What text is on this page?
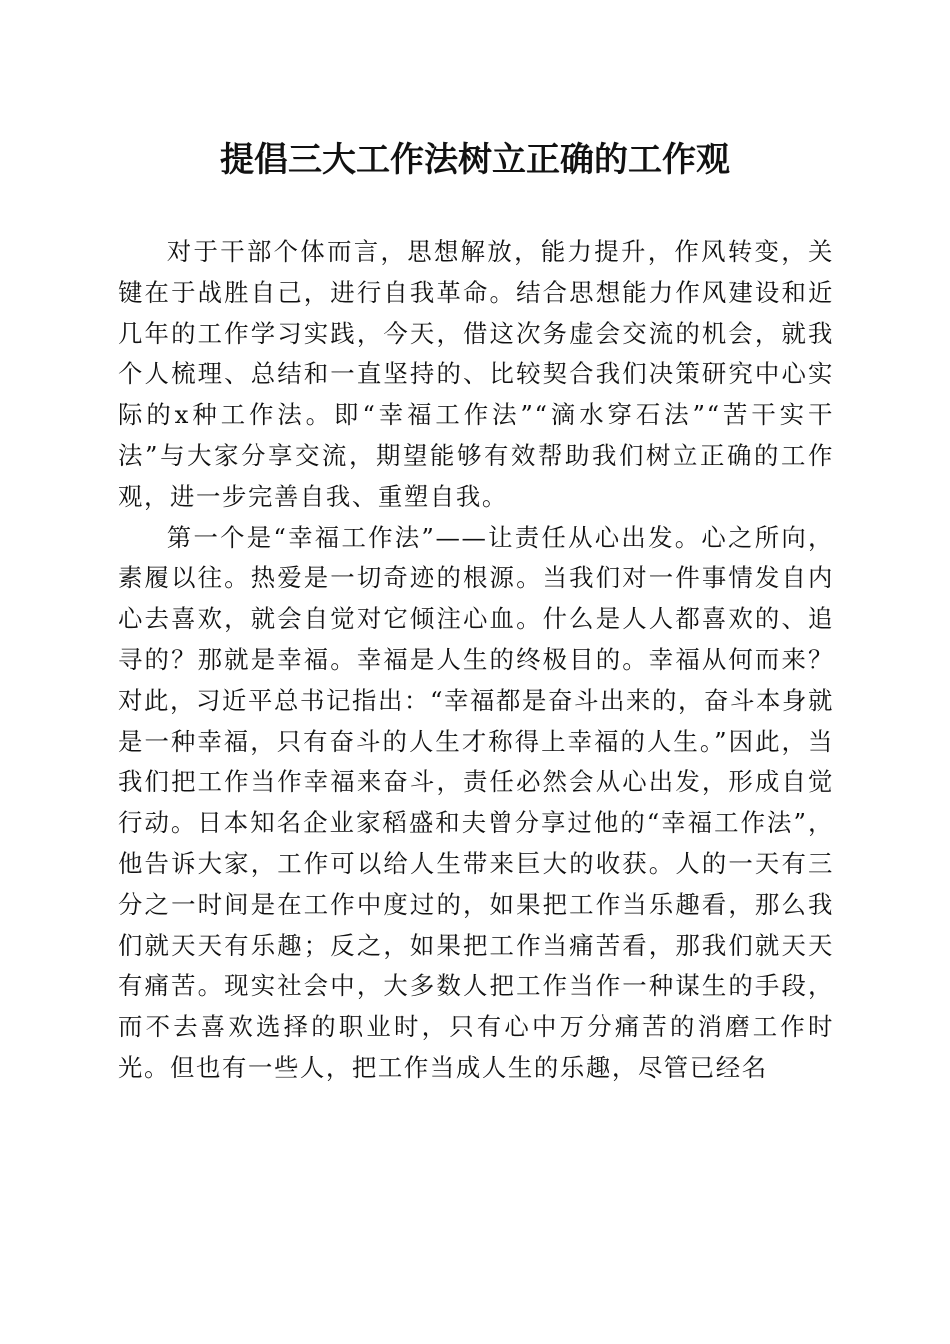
提倡三大工作法树立正确的工作观

对于干部个体而言，思想解放，能力提升，作风转变，关键在于战胜自己，进行自我革命。结合思想能力作风建设和近几年的工作学习实践，今天，借这次务虚会交流的机会，就我个人梳理、总结和一直坚持的、比较契合我们决策研究中心实际的x种工作法。即“幸福工作法”“滴水穿石法”“苦干实干法”与大家分享交流，期望能够有效帮助我们树立正确的工作观，进一步完善自我、重塑自我。

第一个是“幸福工作法”——让责任从心出发。心之所向，素履以往。热爱是一切奇迹的根源。当我们对一件事情发自内心去喜欢，就会自觉对它倾注心血。什么是人人都喜欢的、追寻的？那就是幸福。幸福是人生的终极目的。幸福从何而来？对此，习近平总书记指出：“幸福都是奋斗出来的，奋斗本身就是一种幸福，只有奋斗的人生才称得上幸福的人生。”因此，当我们把工作当作幸福来奋斗，责任必然会从心出发，形成自觉行动。日本知名企业家稻盛和夫曾分享过他的“幸福工作法”，他告诉大家，工作可以给人生带来巨大的收获。人的一天有三分之一时间是在工作中度过的，如果把工作当乐趣看，那么我们就天天有乐趣；反之，如果把工作当痛苦看，那我们就天天有痛苦。现实社会中，大多数人把工作当作一种谋生的手段，而不去喜欢选择的职业时，只有心中万分痛苦的消磨工作时光。但也有一些人，把工作当成人生的乐趣，尽管已经名
